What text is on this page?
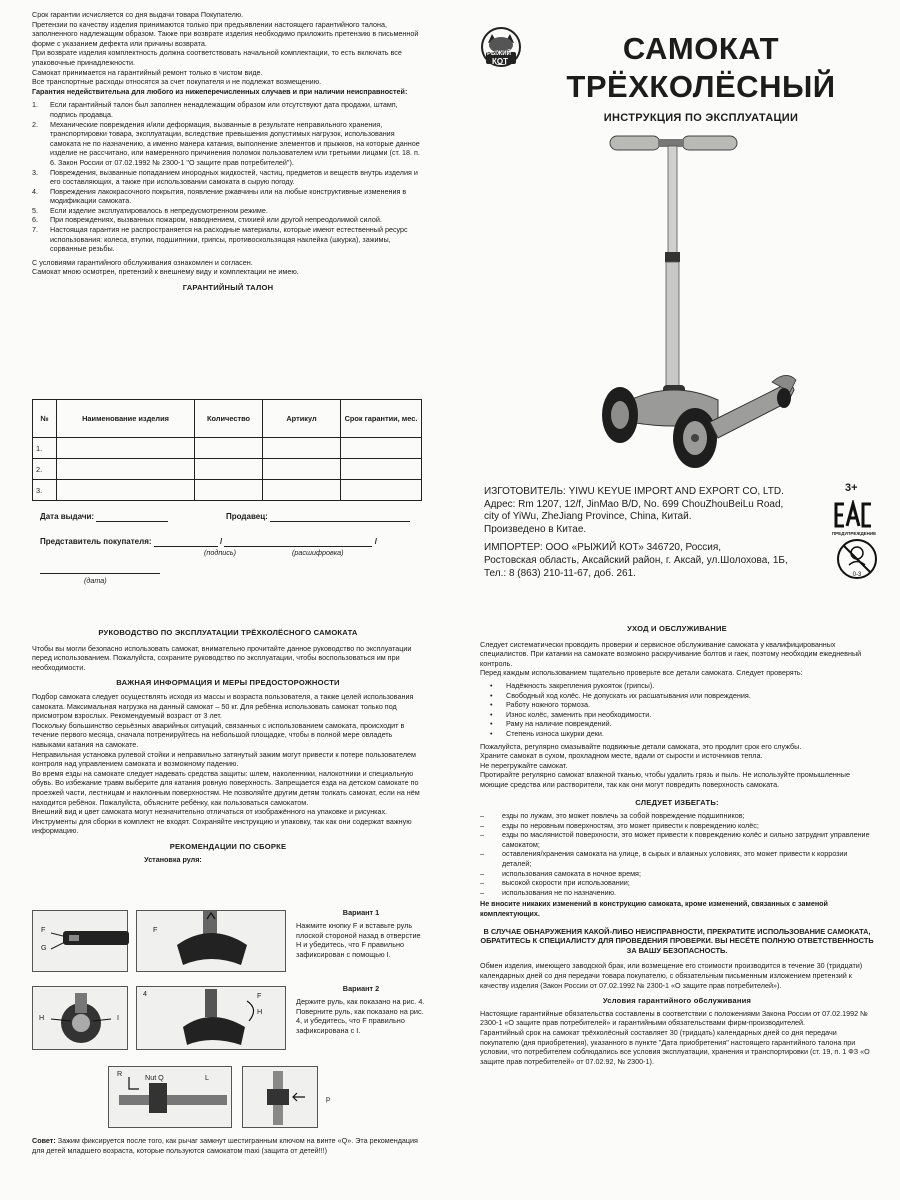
Срок гарантии исчисляется со дня выдачи товара Покупателю.

Претензии по качеству изделия принимаются только при предъявлении настоящего гарантийного талона, заполненного надлежащим образом. Также при возврате изделия необходимо приложить претензию в письменной форме с указанием дефекта или причины возврата.

При возврате изделия комплектность должна соответствовать начальной комплектации, то есть включать все упаковочные принадлежности.

Самокат принимается на гарантийный ремонт только в чистом виде.

Все транспортные расходы относятся за счет покупателя и не подлежат возмещению.

Гарантия недействительна для любого из нижеперечисленных случаев и при наличии неисправностей:

1. Если гарантийный талон был заполнен ненадлежащим образом или отсутствуют дата продажи, штамп, подпись продавца.
2. Механические повреждения и/или деформация, вызванные в результате неправильного хранения, транспортировки товара, эксплуатации, вследствие превышения допустимых нагрузок, использования самоката не по назначению, а именно манера катания, выполнение элементов и прыжков, на которые данное изделие не рассчитано, или намеренного причинения поломок пользователем или третьими лицами (ст. 18. п. 6. Закон России от 07.02.1992 № 2300-1 "О защите прав потребителей").
3. Повреждения, вызванные попаданием инородных жидкостей, частиц, предметов и веществ внутрь изделия и его составляющих, а также при использовании самоката в сырую погоду.
4. Повреждения лакокрасочного покрытия, появление ржавчины или на любые конструктивные изменения в модификации самоката.
5. Если изделие эксплуатировалось в непредусмотренном режиме.
6. При повреждениях, вызванных пожаром, наводнением, стихией или другой непреодолимой силой.
7. Настоящая гарантия не распространяется на расходные материалы, которые имеют естественный ресурс использования: колеса, втулки, подшипники, грипсы, противоскользящая наклейка (шкурка), зажимы, сорванные резьбы.

С условиями гарантийного обслуживания ознакомлен и согласен.

Самокат мною осмотрен, претензий к внешнему виду и комплектации не имею.

ГАРАНТИЙНЫЙ ТАЛОН

№	Наименование изделия	Количество	Артикул	Срок гарантии, мес.
1.				
2.				
3.				
Дата выдачи:	Продавец:
Представитель покупателя:	/	/
(подпись)	(расшифровка)
(дата)
РЫЖИЙ
КОТ	САМОКАТ
ТРЁХКОЛЁСНЫЙ
ИНСТРУКЦИЯ ПО ЭКСПЛУАТАЦИИ

ИЗГОТОВИТЕЛЬ: YIWU KEYUE IMPORT AND EXPORT CO, LTD.

Адрес: Rm 1207, 12/f, JinMao B/D, No. 699 ChouZhouBeiLu Road,

city of YiWu, ZheJiang Province, China, Китай.

Произведено в Китае.

ИМПОРТЕР: ООО «РЫЖИЙ КОТ» 346720, Россия,

Ростовская область, Аксайский район, г. Аксай, ул.Шолохова, 1Б,

Тел.: 8 (863) 210-11-67, доб. 261.

3+
ПРЕДУПРЕЖДЕНИЕ
0-3

РУКОВОДСТВО ПО ЭКСПЛУАТАЦИИ ТРЁХКОЛЁСНОГО САМОКАТА

Чтобы вы могли безопасно использовать самокат, внимательно прочитайте данное руководство по эксплуатации перед использованием. Пожалуйста, сохраните руководство по эксплуатации, чтобы воспользоваться им при необходимости.

ВАЖНАЯ ИНФОРМАЦИЯ И МЕРЫ ПРЕДОСТОРОЖНОСТИ

Подбор самоката следует осуществлять исходя из массы и возраста пользователя, а также целей использования самоката. Максимальная нагрузка на данный самокат – 50 кг. Для ребёнка использовать самокат только под присмотром взрослых. Рекомендуемый возраст от 3 лет.

Поскольку большинство серьёзных аварийных ситуаций, связанных с использованием самоката, происходит в течение первого месяца, сначала потренируйтесь на небольшой площадке, чтобы в полной мере овладеть навыками катания на самокате.

Неправильная установка рулевой стойки и неправильно затянутый зажим могут привести к потере пользователем контроля над управлением самоката и возможному падению.

Во время езды на самокате следует надевать средства защиты: шлем, наколенники, налокотники и специальную обувь. Во избежание травм выберите для катания ровную поверхность. Запрещается езда на детском самокате по проезжей части, лестницам и наклонным поверхностям. Не позволяйте другим детям толкать самокат, если на нём находится ребёнок. Пожалуйста, объясните ребёнку, как пользоваться самокатом.

Внешний вид и цвет самоката могут незначительно отличаться от изображённого на упаковке и рисунках. Инструменты для сборки в комплект не входят. Сохраняйте инструкцию и упаковку, так как они содержат важную информацию.

РЕКОМЕНДАЦИИ ПО СБОРКЕ

Установка руля:

F
G
F

Вариант 1

Нажмите кнопку F и вставьте руль плоской стороной назад в отверстие H и убедитесь, что F правильно зафиксирован с помощью I.

H	I
4	F
H

Вариант 2

Держите руль, как показано на рис. 4. Поверните руль, как показано на рис. 4, и убедитесь, что F правильно зафиксирована с I.

R	Nut Q	L
p
Совет: Зажим фиксируется после того, как рычаг замкнут шестигранным ключом на винте «Q». Эта рекомендация для детей младшего возраста, которые пользуются самокатом maxi (защита от детей!!!)

УХОД И ОБСЛУЖИВАНИЕ

Следует систематически проводить проверки и сервисное обслуживание самоката у квалифицированных специалистов. При катании на самокате возможно раскручивание болтов и гаек, поэтому необходим ежедневный контроль.

Перед каждым использованием тщательно проверьте все детали самоката. Следует проверять:

• Надёжность закрепления рукояток (грипсы).
• Свободный ход колёс. Не допускать их расшатывания или повреждения.
• Работу ножного тормоза.
• Износ колёс, заменить при необходимости.
• Раму на наличие повреждений.
• Степень износа шкурки деки.

Пожалуйста, регулярно смазывайте подвижные детали самоката, это продлит срок его службы.

Храните самокат в сухом, прохладном месте, вдали от сырости и источников тепла.

Не перегружайте самокат.

Протирайте регулярно самокат влажной тканью, чтобы удалить грязь и пыль. Не используйте промышленные моющие средства или растворители, так как они могут повредить поверхность самоката.

СЛЕДУЕТ ИЗБЕГАТЬ:

–	езды по лужам, это может повлечь за собой повреждение подшипников;
–	езды по неровным поверхностям, это может привести к повреждению колёс;
–	езды по маслянистой поверхности, это может привести к повреждению колёс и сильно затруднит управление самокатом;
–	оставления/хранения самоката на улице, в сырых и влажных условиях, это может привести к коррозии деталей;
–	использования самоката в ночное время;
–	высокой скорости при использовании;
–	использования не по назначению.

Не вносите никаких изменений в конструкцию самоката, кроме изменений, связанных с заменой комплектующих.

В СЛУЧАЕ ОБНАРУЖЕНИЯ КАКОЙ-ЛИБО НЕИСПРАВНОСТИ, ПРЕКРАТИТЕ ИСПОЛЬЗОВАНИЕ САМОКАТА, ОБРАТИТЕСЬ К СПЕЦИАЛИСТУ ДЛЯ ПРОВЕДЕНИЯ ПРОВЕРКИ. ВЫ НЕСЁТЕ ПОЛНУЮ ОТВЕТСТВЕННОСТЬ ЗА ВАШУ БЕЗОПАСНОСТЬ.

Обмен изделия, имеющего заводской брак, или возмещение его стоимости производится в течение 30 (тридцати) календарных дней со дня передачи товара покупателю, с обязательным письменным изложением претензий к качеству изделия (Закон России от 07.02.1992 № 2300-1 «О защите прав потребителей»).

Условия гарантийного обслуживания

Настоящие гарантийные обязательства составлены в соответствии с положениями Закона России от 07.02.1992 № 2300-1 «О защите прав потребителей» и гарантийными обязательствами фирм-производителей.

Гарантийный срок на самокат трёхколёсный составляет 30 (тридцать) календарных дней со дня передачи покупателю (дня приобретения), указанного в пункте "Дата приобретения" настоящего гарантийного талона при условии, что потребителем соблюдались все условия эксплуатации, хранения и транспортировки (ст. 19, п. 1 ФЗ «О защите прав потребителей» от 07.02.92, № 2300-1).
